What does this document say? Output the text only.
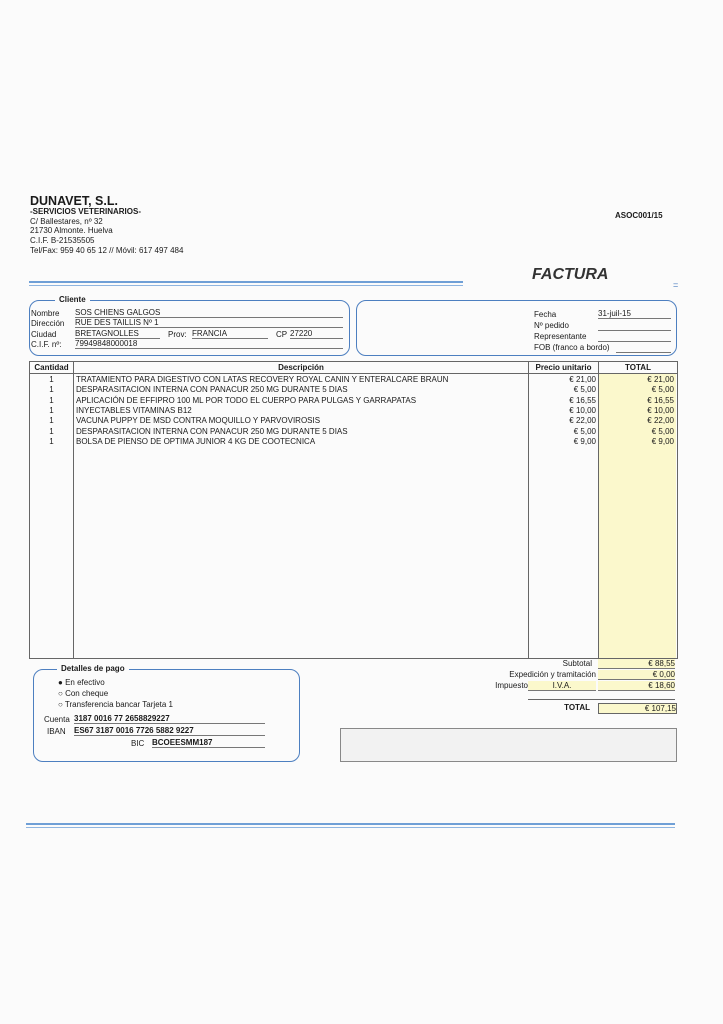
DUNAVET, S.L.
-SERVICIOS VETERINARIOS-
C/ Ballestares, nº 32
21730 Almonte. Huelva
C.I.F. B-21535505
Tel/Fax: 959 40 65 12 // Móvil: 617 497 484
ASOC001/15
FACTURA
=
Cliente
Nombre SOS CHIENS GALGOS
Dirección RUE DES TAILLIS Nº 1
Ciudad BRETAGNOLLES	Prov: FRANCIA	CP 27220
C.I.F. nº: 79949848000018
Fecha	31-juil-15
Nº pedido
Representante
FOB (franco a bordo)
Cantidad	Descripción	Precio unitario	TOTAL
1	TRATAMIENTO PARA DIGESTIVO CON LATAS RECOVERY ROYAL CANIN Y ENTERALCARE BRAUN	€ 21,00	€ 21,00
1	DESPARASITACION INTERNA CON PANACUR 250 MG DURANTE 5 DIAS	€ 5,00	€ 5,00
1	APLICACIÓN DE EFFIPRO 100 ML POR TODO EL CUERPO PARA PULGAS Y GARRAPATAS	€ 16,55	€ 16,55
1	INYECTABLES VITAMINAS B12	€ 10,00	€ 10,00
1	VACUNA PUPPY DE MSD CONTRA MOQUILLO Y PARVOVIROSIS	€ 22,00	€ 22,00
1	DESPARASITACION INTERNA CON PANACUR 250 MG DURANTE 5 DIAS	€ 5,00	€ 5,00
1	BOLSA DE PIENSO DE OPTIMA JUNIOR 4 KG DE COOTECNICA	€ 9,00	€ 9,00
Subtotal	€ 88,55
Expedición y tramitación	€ 0,00
Impuesto	I.V.A.	€ 18,60
TOTAL	€ 107,15
Detalles de pago
● En efectivo
○ Con cheque
○ Transferencia bancar Tarjeta 1
Cuenta 3187 0016 77 2658829227
IBAN ES67 3187 0016 7726 5882 9227
BIC BCOEESMM187
